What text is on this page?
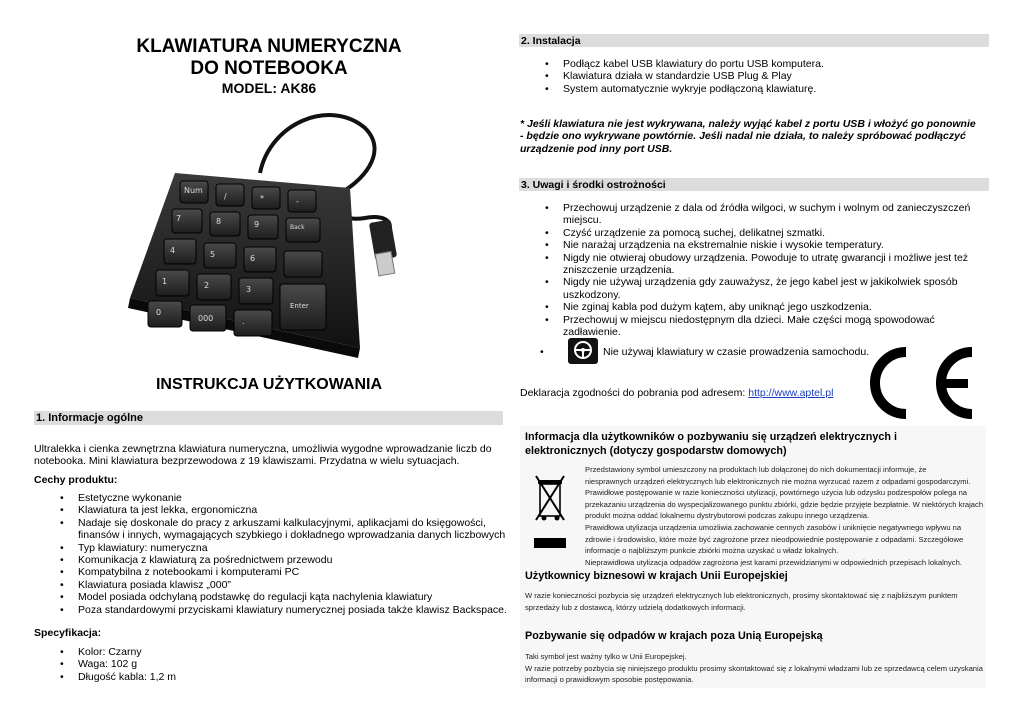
KLAWIATURA NUMERYCZNA
DO NOTEBOOKA
MODEL: AK86
Num
/	*	-
7	8	9	Back
4	5	6
1	2	3
Enter
0
000	.
INSTRUKCJA UŻYTKOWANIA
1. Informacje ogólne
Ultralekka i cienka zewnętrzna klawiatura numeryczna, umożliwia wygodne wprowadzanie liczb do notebooka. Mini klawiatura bezprzewodowa z 19 klawiszami. Przydatna w wielu sytuacjach.
Cechy produktu:
• Estetyczne wykonanie
• Klawiatura ta jest lekka, ergonomiczna
• Nadaje się doskonale do pracy z arkuszami kalkulacyjnymi, aplikacjami do księgowości,
finansów i innych, wymagających szybkiego i dokładnego wprowadzania danych liczbowych
• Typ klawiatury: numeryczna
• Komunikacja z klawiaturą za pośrednictwem przewodu
• Kompatybilna z notebookami i komputerami PC
• Klawiatura posiada klawisz „000”
• Model posiada odchylaną podstawkę do regulacji kąta nachylenia klawiatury
• Poza standardowymi przyciskami klawiatury numerycznej posiada także klawisz Backspace.
Specyfikacja:
• Kolor: Czarny
• Waga: 102 g
• Długość kabla: 1,2 m
2. Instalacja
• Podłącz kabel USB klawiatury do portu USB komputera.
• Klawiatura działa w standardzie USB Plug & Play
• System automatycznie wykryje podłączoną klawiaturę.
* Jeśli klawiatura nie jest wykrywana, należy wyjąć kabel z portu USB i włożyć go ponownie - będzie ono wykrywane powtórnie. Jeśli nadal nie działa, to należy spróbować podłączyć urządzenie pod inny port USB.
3. Uwagi i środki ostrożności
• Przechowuj urządzenie z dala od źródła wilgoci, w suchym i wolnym od zanieczyszczeń miejscu.
• Czyść urządzenie za pomocą suchej, delikatnej szmatki.
• Nie narażaj urządzenia na ekstremalnie niskie i wysokie temperatury.
• Nigdy nie otwieraj obudowy urządzenia. Powoduje to utratę gwarancji i możliwe jest też zniszczenie urządzenia.
• Nigdy nie używaj urządzenia gdy zauważysz, że jego kabel jest w jakikolwiek sposób uszkodzony.
• Nie zginaj kabla pod dużym kątem, aby uniknąć jego uszkodzenia.
• Przechowuj w miejscu niedostępnym dla dzieci. Małe części mogą spowodować zadławienie.
•	Nie używaj klawiatury w czasie prowadzenia samochodu.
Deklaracja zgodności do pobrania pod adresem: http://www.aptel.pl
Informacja dla użytkowników o pozbywaniu się urządzeń elektrycznych i elektronicznych (dotyczy gospodarstw domowych)
Przedstawiony symbol umieszczony na produktach lub dołączonej do nich dokumentacji informuje, że
niesprawnych urządzeń elektrycznych lub elektronicznych nie można wyrzucać razem z odpadami gospodarczymi.
Prawidłowe postępowanie w razie konieczności utylizacji, powtórnego użycia lub odzysku podzespołów polega na
przekazaniu urządzenia do wyspecjalizowanego punktu zbiórki, gdzie będzie przyjęte bezpłatnie. W niektórych krajach
produkt można oddać lokalnemu dystrybutorowi podczas zakupu innego urządzenia.
Prawidłowa utylizacja urządzenia umożliwia zachowanie cennych zasobów i uniknięcie negatywnego wpływu na
zdrowie i środowisko, które może być zagrożone przez nieodpowiednie postępowanie z odpadami. Szczegółowe
informacje o najbliższym punkcie zbiórki można uzyskać u władz lokalnych.
Nieprawidłowa utylizacja odpadów zagrożona jest karami przewidzianymi w odpowiednich przepisach lokalnych.
Użytkownicy biznesowi w krajach Unii Europejskiej
W razie konieczności pozbycia się urządzeń elektrycznych lub elektronicznych, prosimy skontaktować się z najbliższym punktem
sprzedaży lub z dostawcą, którzy udzielą dodatkowych informacji.
Pozbywanie się odpadów w krajach poza Unią Europejską
Taki symbol jest ważny tylko w Unii Europejskej.
W razie potrzeby pozbycia się niniejszego produktu prosimy skontaktować się z lokalnymi władzami lub ze sprzedawcą celem uzyskania
informacji o prawidłowym sposobie postępowania.
